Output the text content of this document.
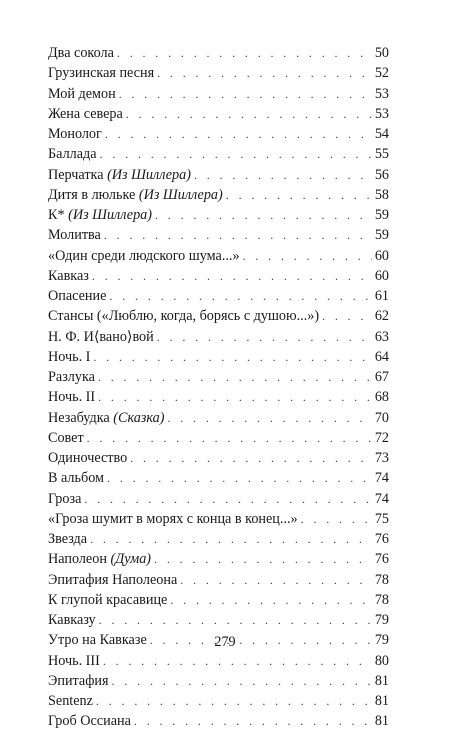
Два сокола . . .	50
Грузинская песня . . .	52
Мой демон . . .	53
Жена севера . . .	53
Монолог . . .	54
Баллада . . .	55
Перчатка (Из Шиллера) . . .	56
Дитя в люльке (Из Шиллера) . . .	58
К* (Из Шиллера) . . .	59
Молитва . . .	59
«Один среди людского шума...» . . .	60
Кавказ . . .	60
Опасение . . .	61
Стансы («Люблю, когда, борясь с душою...») . . .	62
Н. Ф. И⟨вано⟩вой . . .	63
Ночь. I . . .	64
Разлука . . .	67
Ночь. II . . .	68
Незабудка (Сказка) . . .	70
Совет . . .	72
Одиночество . . .	73
В альбом . . .	74
Гроза . . .	74
«Гроза шумит в морях с конца в конец...» . . .	75
Звезда . . .	76
Наполеон (Дума) . . .	76
Эпитафия Наполеона . . .	78
К глупой красавице . . .	78
Кавказу . . .	79
Утро на Кавказе . . .	79
Ночь. III . . .	80
Эпитафия . . .	81
Sentenz . . .	81
Гроб Оссиана . . .	81
279
